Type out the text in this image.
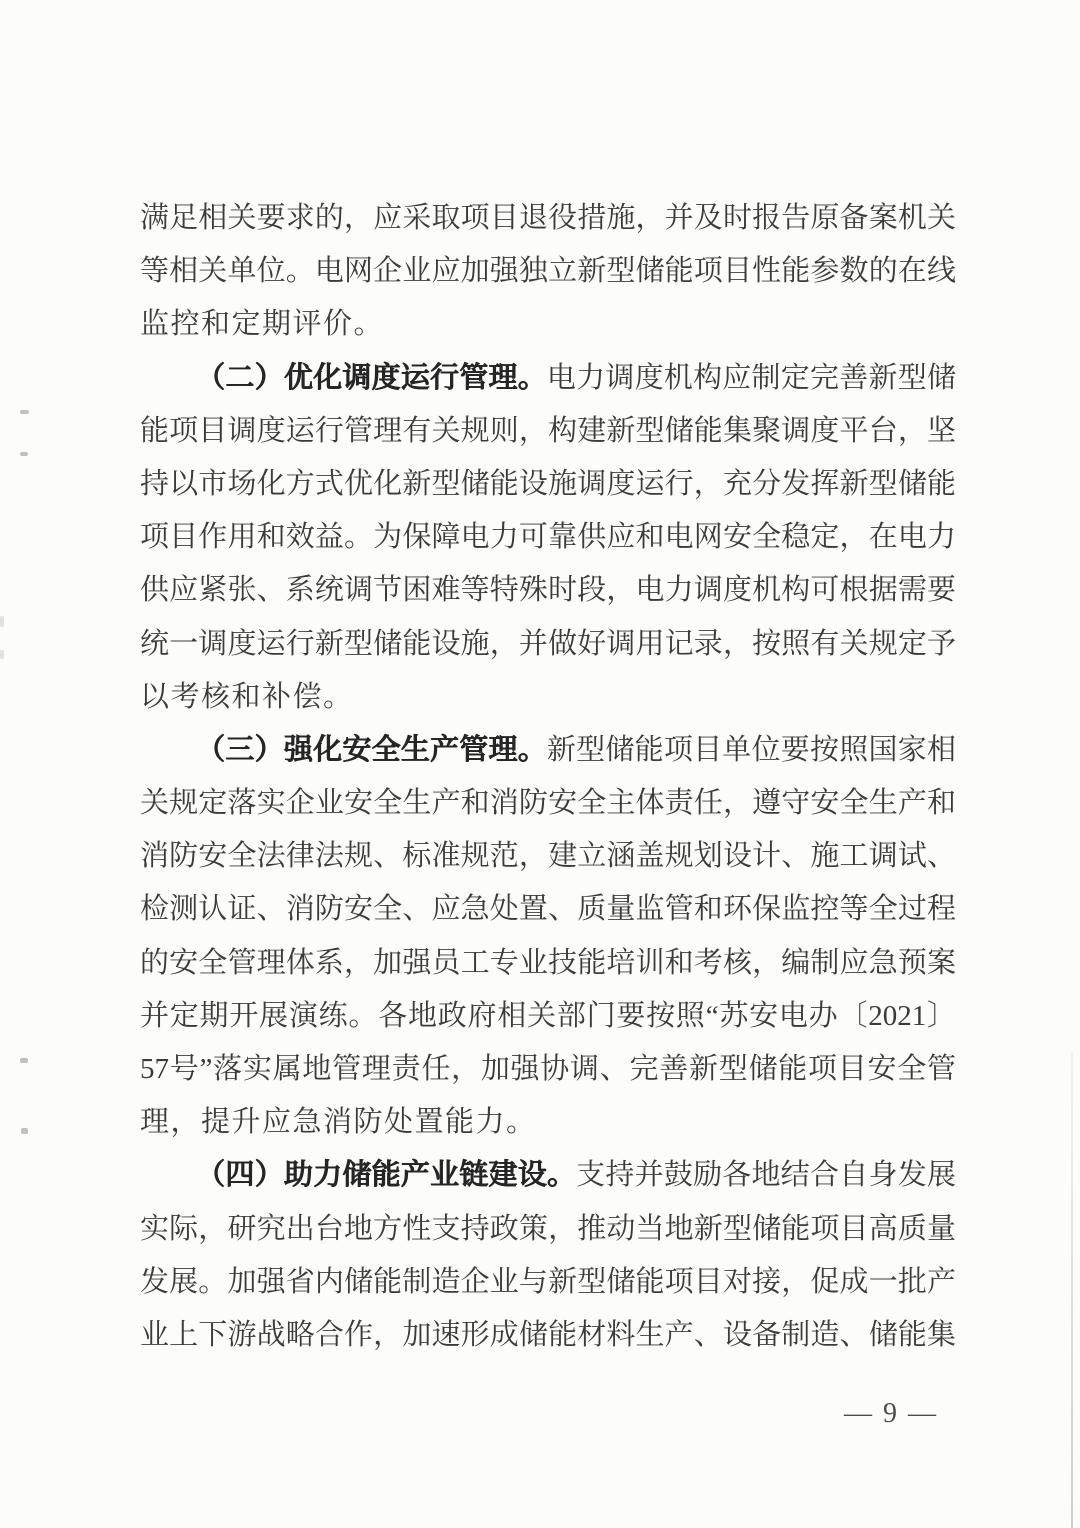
满足相关要求的，应采取项目退役措施，并及时报告原备案机关
等相关单位。电网企业应加强独立新型储能项目性能参数的在线
监控和定期评价。
（二）优化调度运行管理。电力调度机构应制定完善新型储
能项目调度运行管理有关规则，构建新型储能集聚调度平台，坚
持以市场化方式优化新型储能设施调度运行，充分发挥新型储能
项目作用和效益。为保障电力可靠供应和电网安全稳定，在电力
供应紧张、系统调节困难等特殊时段，电力调度机构可根据需要
统一调度运行新型储能设施，并做好调用记录，按照有关规定予
以考核和补偿。
（三）强化安全生产管理。新型储能项目单位要按照国家相
关规定落实企业安全生产和消防安全主体责任，遵守安全生产和
消防安全法律法规、标准规范，建立涵盖规划设计、施工调试、
检测认证、消防安全、应急处置、质量监管和环保监控等全过程
的安全管理体系，加强员工专业技能培训和考核，编制应急预案
并定期开展演练。各地政府相关部门要按照“苏安电办〔2021〕
57号”落实属地管理责任，加强协调、完善新型储能项目安全管
理，提升应急消防处置能力。
（四）助力储能产业链建设。支持并鼓励各地结合自身发展
实际，研究出台地方性支持政策，推动当地新型储能项目高质量
发展。加强省内储能制造企业与新型储能项目对接，促成一批产
业上下游战略合作，加速形成储能材料生产、设备制造、储能集
— 9 —
